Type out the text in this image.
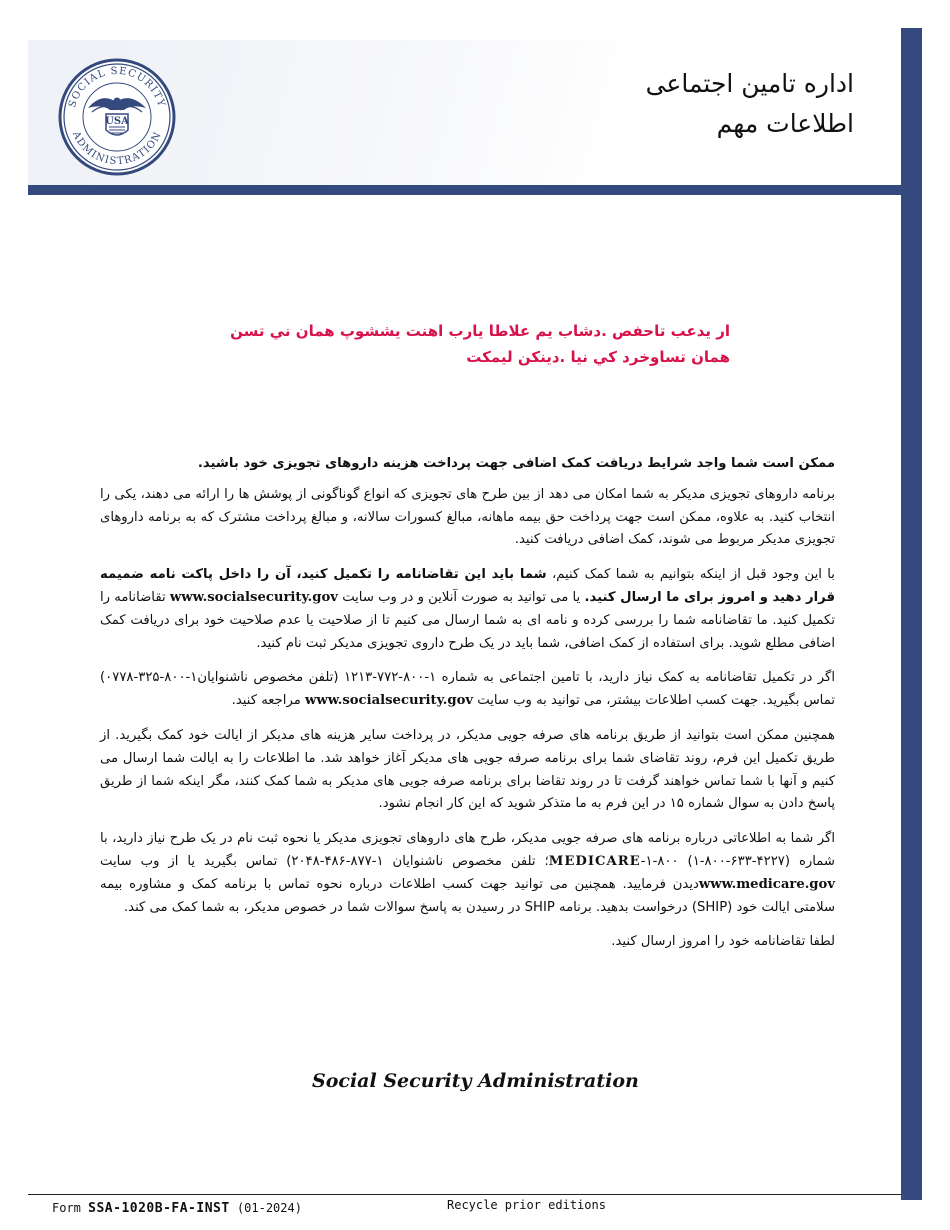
SOCIAL SECURITY
ADMINISTRATION
USA
اداره تامین اجتماعی
اطلاعات مهم
ار يدعب تاحفص .دشاب يم علاطا يارب اهنت يششوپ همان ني تسن
همان تساوخرد كي نيا .دينكن ليمكت

ممکن است شما واجد شرایط دریافت کمک اضافی جهت پرداخت هزینه داروهای تجویزی خود باشید.

برنامه داروهای تجویزی مدیکر به شما امکان می دهد از بین طرح های تجویزی که انواع گوناگونی از پوشش ها را ارائه می دهند، یکی را انتخاب کنید. به علاوه، ممکن است جهت پرداخت حق بیمه ماهانه، مبالغ کسورات سالانه، و مبالغ پرداخت مشترک که به برنامه داروهای تجویزی مدیکر مربوط می شوند، کمک اضافی دریافت کنید.

با این وجود قبل از اینکه بتوانیم به شما کمک کنیم، شما باید این تقاضانامه را تکمیل کنید، آن را داخل پاکت نامه ضمیمه قرار دهید و امروز برای ما ارسال کنید. یا می توانید به صورت آنلاین و در وب سایت www.socialsecurity.gov تقاضانامه را تکمیل کنید. ما تقاضانامه شما را بررسی کرده و نامه ای به شما ارسال می کنیم تا از صلاحیت یا عدم صلاحیت خود برای دریافت کمک اضافی مطلع شوید. برای استفاده از کمک اضافی، شما باید در یک طرح داروی تجویزی مدیکر ثبت نام کنید.

اگر در تکمیل تقاضانامه به کمک نیاز دارید، با تامین اجتماعی به شماره ۱-۸۰۰-۷۷۲-۱۲۱۳ (تلفن مخصوص ناشنوایان۱-۸۰۰-۳۲۵-۰۷۷۸) تماس بگیرید. جهت کسب اطلاعات بیشتر، می توانید به وب سایت www.socialsecurity.gov مراجعه کنید.

همچنین ممکن است بتوانید از طریق برنامه های صرفه جویی مدیکر، در پرداخت سایر هزینه های مدیکر از ایالت خود کمک بگیرید. از طریق تکمیل این فرم، روند تقاضای شما برای برنامه صرفه جویی های مدیکر آغاز خواهد شد. ما اطلاعات را به ایالت شما ارسال می کنیم و آنها با شما تماس خواهند گرفت تا در روند تقاضا برای برنامه صرفه جویی های مدیکر به شما کمک کنند، مگر اینکه شما از طریق پاسخ دادن به سوال شماره ۱۵ در این فرم به ما متذکر شوید که این کار انجام نشود.

اگر شما به اطلاعاتی درباره برنامه های صرفه جویی مدیکر، طرح های داروهای تجویزی مدیکر یا نحوه ثبت نام در یک طرح نیاز دارید، با شماره MEDICARE-۱-۸۰۰ (۱-۸۰۰-۶۳۳-۴۲۲۷)؛ تلفن مخصوص ناشنوایان ۱-۸۷۷-۴۸۶-۲۰۴۸) تماس بگیرید یا از وب سایت www.medicare.govدیدن فرمایید. همچنین می توانید جهت کسب اطلاعات درباره نحوه تماس با برنامه کمک و مشاوره بیمه سلامتی ایالت خود (SHIP) درخواست بدهید. برنامه SHIP در رسیدن به پاسخ سوالات شما در خصوص مدیکر، به شما کمک می کند.

لطفا تقاضانامه خود را امروز ارسال کنید.

Social Security Administration
Form SSA-1020B-FA-INST (01-2024)	Recycle prior editions
